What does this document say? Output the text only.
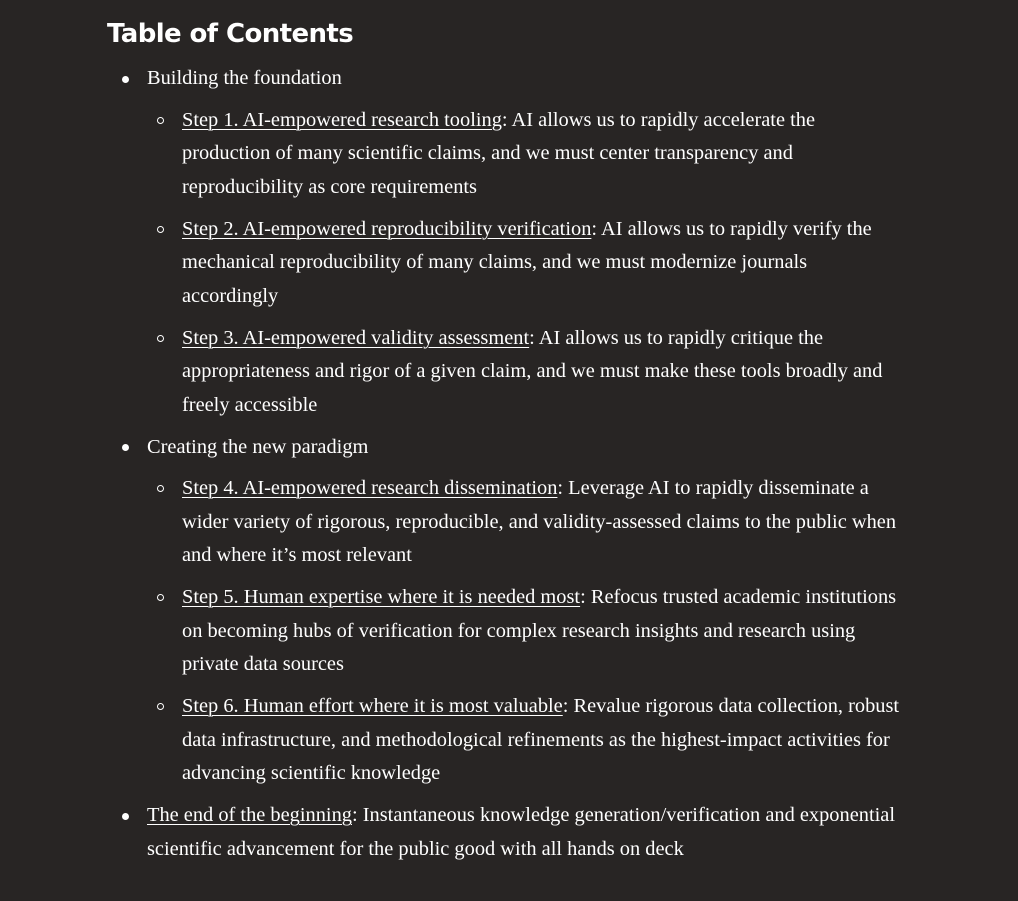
Table of Contents
Building the foundation
Step 1. AI-empowered research tooling: AI allows us to rapidly accelerate the production of many scientific claims, and we must center transparency and reproducibility as core requirements
Step 2. AI-empowered reproducibility verification: AI allows us to rapidly verify the mechanical reproducibility of many claims, and we must modernize journals accordingly
Step 3. AI-empowered validity assessment: AI allows us to rapidly critique the appropriateness and rigor of a given claim, and we must make these tools broadly and freely accessible
Creating the new paradigm
Step 4. AI-empowered research dissemination: Leverage AI to rapidly disseminate a wider variety of rigorous, reproducible, and validity-assessed claims to the public when and where it’s most relevant
Step 5. Human expertise where it is needed most: Refocus trusted academic institutions on becoming hubs of verification for complex research insights and research using private data sources
Step 6. Human effort where it is most valuable: Revalue rigorous data collection, robust data infrastructure, and methodological refinements as the highest-impact activities for advancing scientific knowledge
The end of the beginning: Instantaneous knowledge generation/verification and exponential scientific advancement for the public good with all hands on deck
